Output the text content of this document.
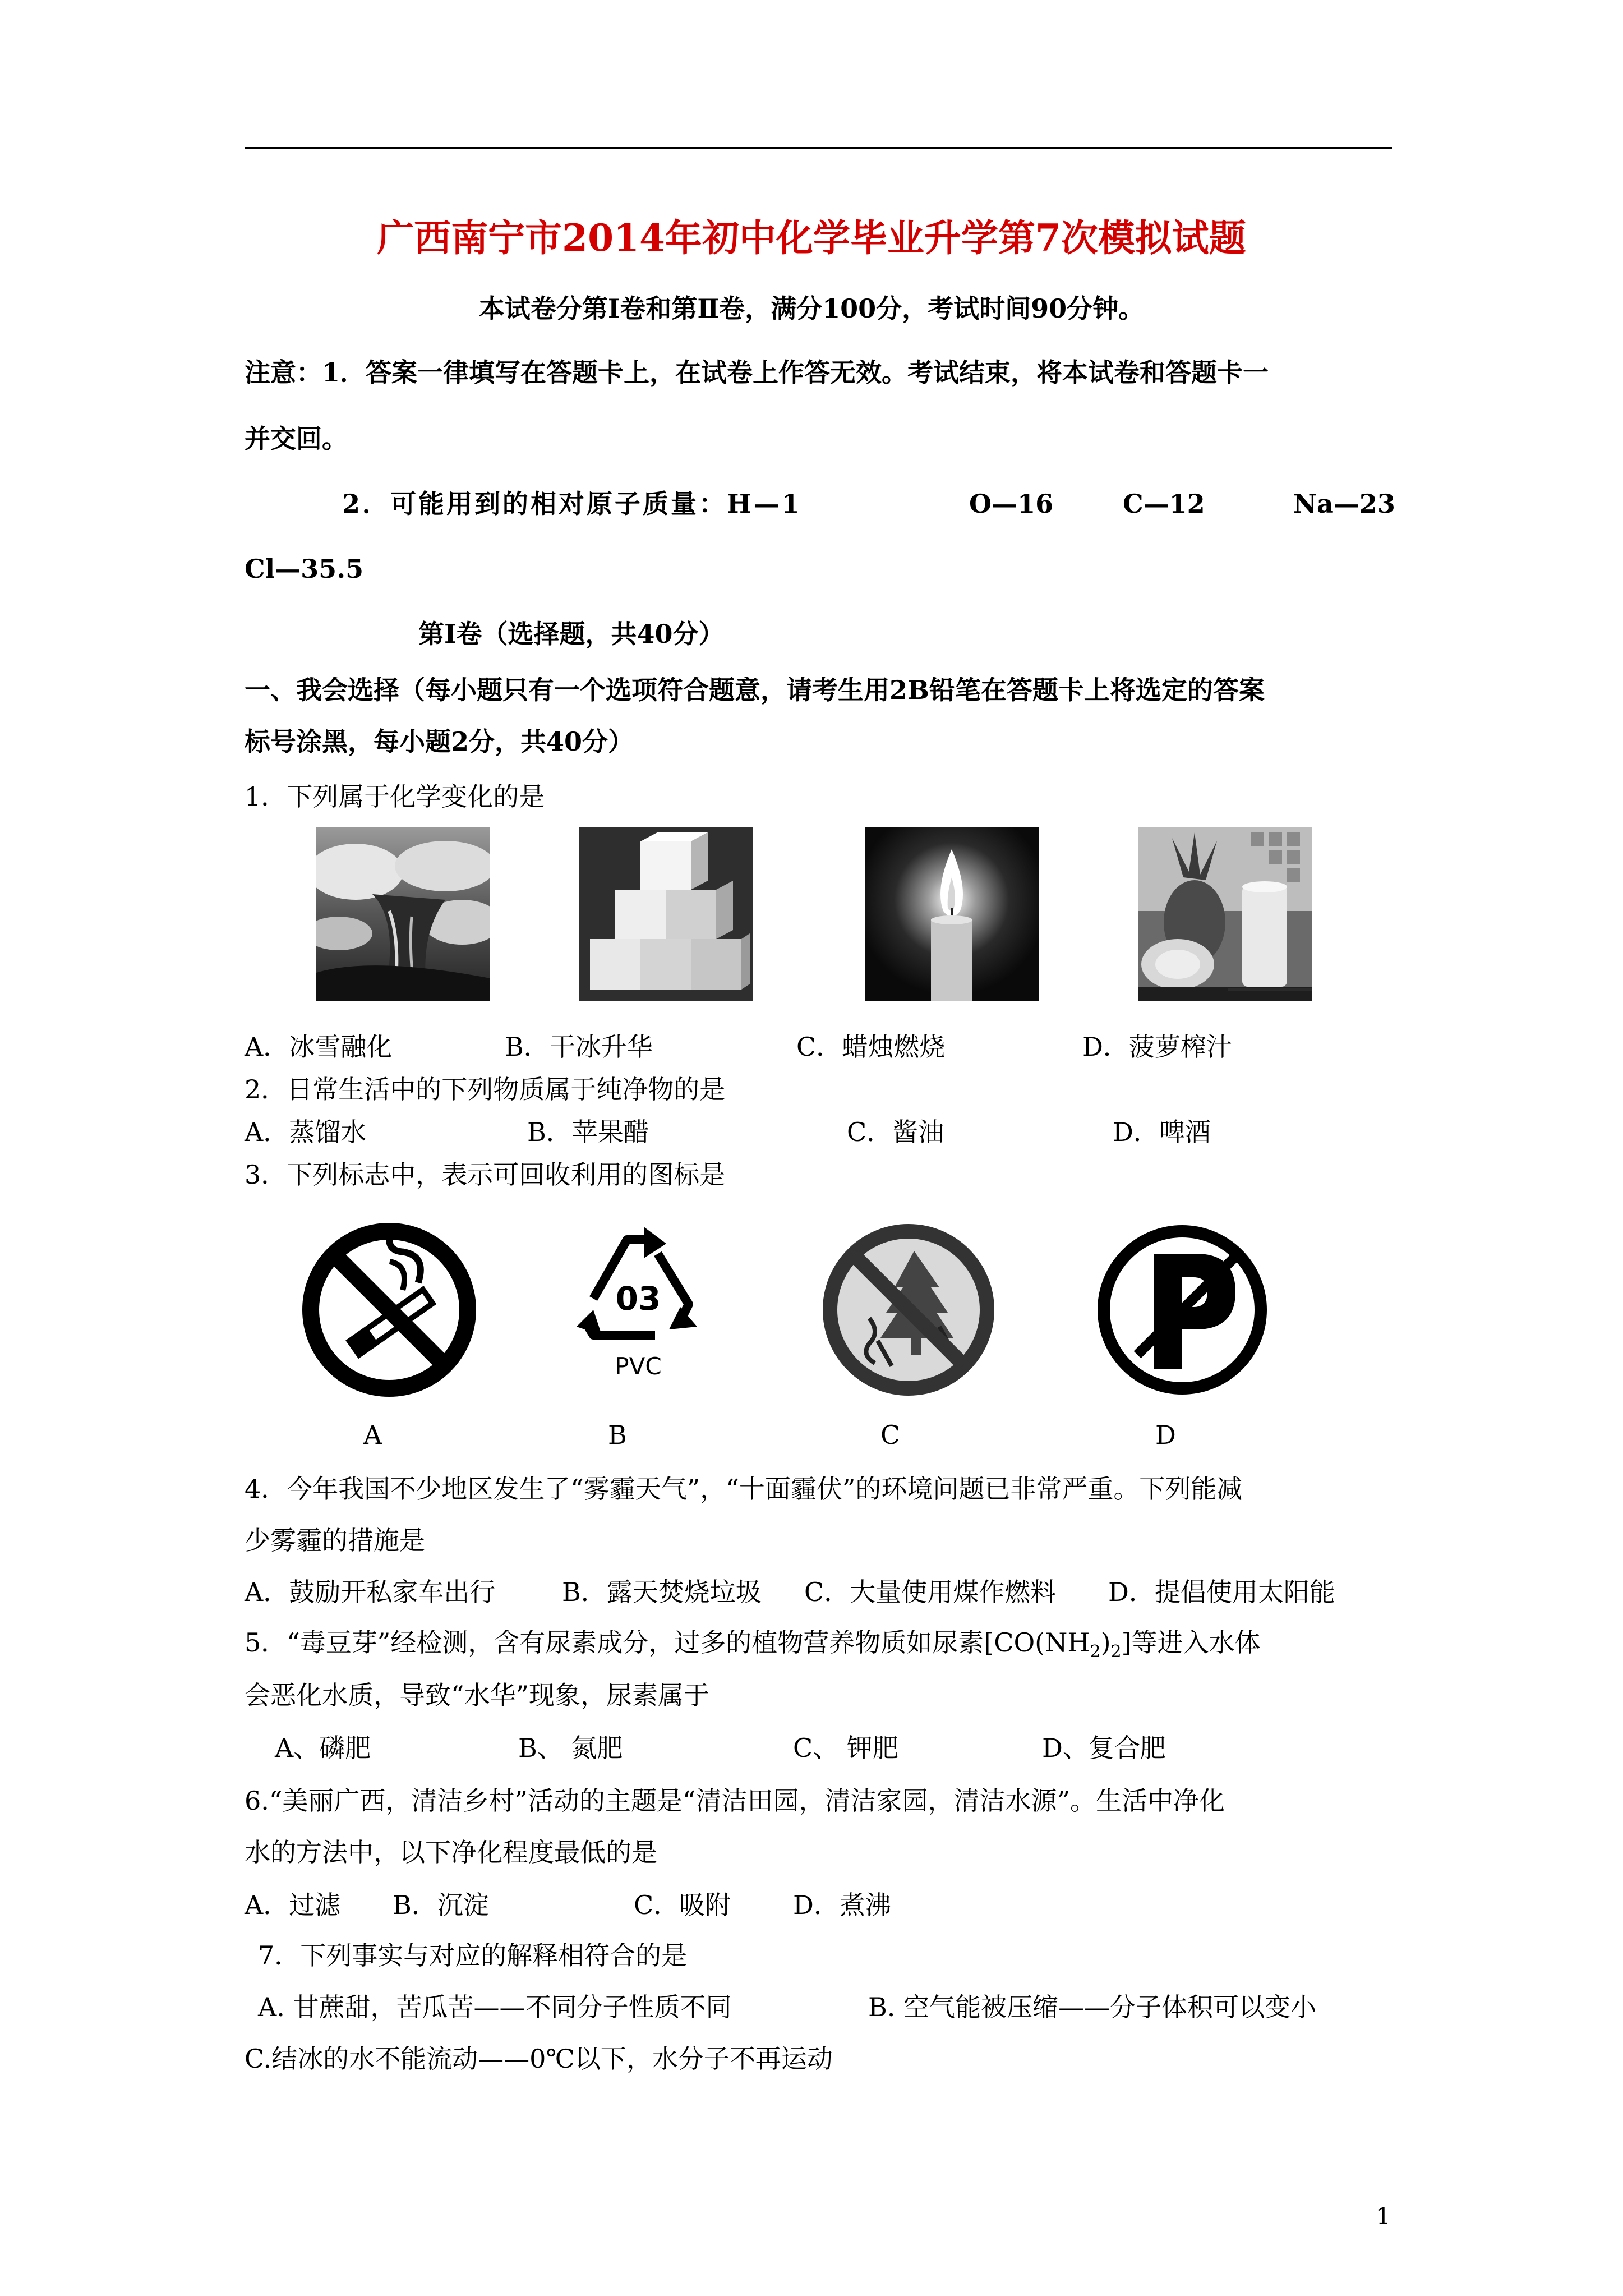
广西南宁市2014年初中化学毕业升学第7次模拟试题
本试卷分第Ⅰ卷和第Ⅱ卷，满分100分，考试时间90分钟。
注意：1．答案一律填写在答题卡上，在试卷上作答无效。考试结束，将本试卷和答题卡一
并交回。
2．可能用到的相对原子质量：H—1	O—16	C—12	Na—23
Cl—35.5
第Ⅰ卷（选择题，共40分）
一、我会选择（每小题只有一个选项符合题意，请考生用2B铅笔在答题卡上将选定的答案
标号涂黑，每小题2分，共40分）
1．下列属于化学变化的是
A．冰雪融化	B．干冰升华	C．蜡烛燃烧	D．菠萝榨汁
2．日常生活中的下列物质属于纯净物的是
A．蒸馏水	B．苹果醋	C．酱油	D．啤酒
3．下列标志中，表示可回收利用的图标是
03
PVC
A	B	C	D
4．今年我国不少地区发生了“雾霾天气”，“十面霾伏”的环境问题已非常严重。下列能减
少雾霾的措施是
A．鼓励开私家车出行	B．露天焚烧垃圾 C．大量使用煤作燃料 D．提倡使用太阳能
5．“毒豆芽”经检测，含有尿素成分，过多的植物营养物质如尿素$[CO(NH_2)_2]$等进入水体
会恶化水质，导致“水华”现象，尿素属于
A、磷肥	B、 氮肥	C、 钾肥	D、复合肥
6.“美丽广西，清洁乡村”活动的主题是“清洁田园，清洁家园，清洁水源”。生活中净化
水的方法中，以下净化程度最低的是
A．过滤 B．沉淀	C．吸附 D．煮沸
7．下列事实与对应的解释相符合的是
A. 甘蔗甜，苦瓜苦——不同分子性质不同	B. 空气能被压缩——分子体积可以变小
C.结冰的水不能流动——0℃以下，水分子不再运动
1
